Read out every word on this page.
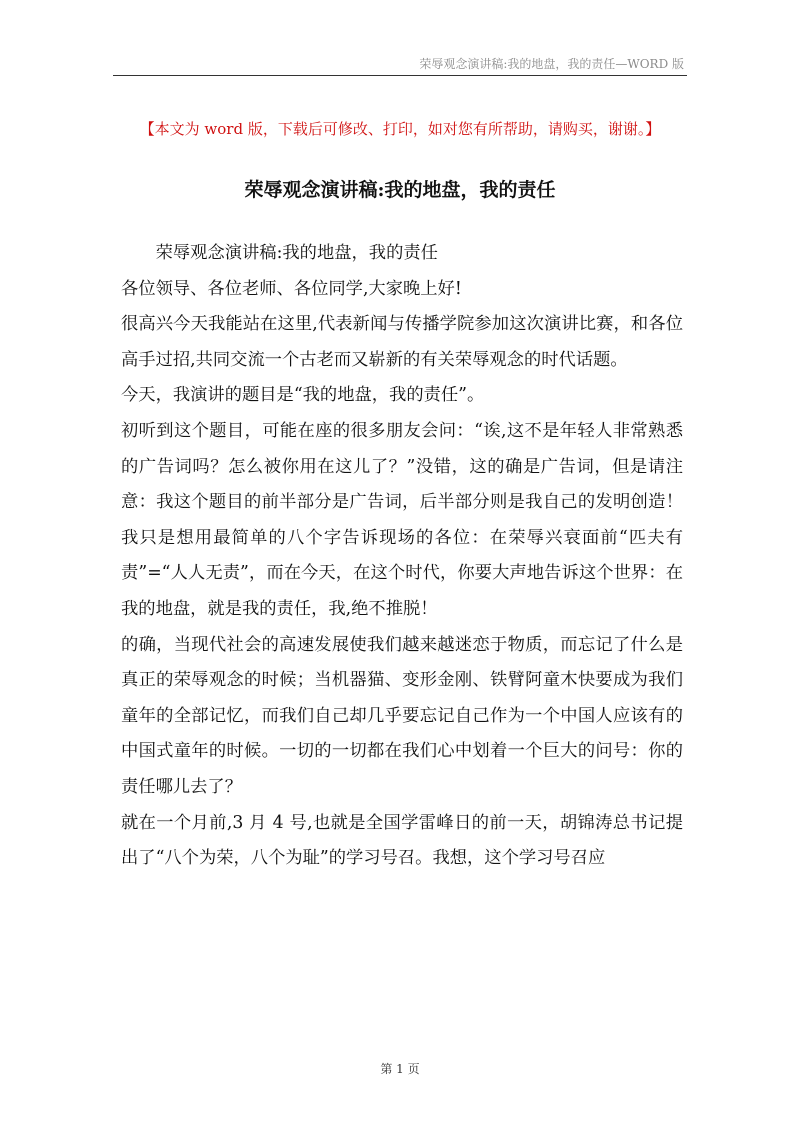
荣辱观念演讲稿:我的地盘，我的责任—WORD 版
【本文为 word 版，下载后可修改、打印，如对您有所帮助，请购买，谢谢。】
荣辱观念演讲稿:我的地盘，我的责任

荣辱观念演讲稿:我的地盘，我的责任

各位领导、各位老师、各位同学,大家晚上好!

很高兴今天我能站在这里,代表新闻与传播学院参加这次演讲比赛，和各位高手过招,共同交流一个古老而又崭新的有关荣辱观念的时代话题。

今天，我演讲的题目是“我的地盘，我的责任”。

初听到这个题目，可能在座的很多朋友会问：“诶,这不是年轻人非常熟悉的广告词吗？怎么被你用在这儿了？”没错，这的确是广告词，但是请注意：我这个题目的前半部分是广告词，后半部分则是我自己的发明创造！我只是想用最简单的八个字告诉现场的各位：在荣辱兴衰面前“匹夫有责”=“人人无责”，而在今天，在这个时代，你要大声地告诉这个世界：在我的地盘，就是我的责任，我,绝不推脱！

的确，当现代社会的高速发展使我们越来越迷恋于物质，而忘记了什么是真正的荣辱观念的时候；当机器猫、变形金刚、铁臂阿童木快要成为我们童年的全部记忆，而我们自己却几乎要忘记自己作为一个中国人应该有的中国式童年的时候。一切的一切都在我们心中划着一个巨大的问号：你的责任哪儿去了？

就在一个月前,3 月 4 号,也就是全国学雷峰日的前一天，胡锦涛总书记提出了“八个为荣，八个为耻”的学习号召。我想，这个学习号召应

第 1 页
